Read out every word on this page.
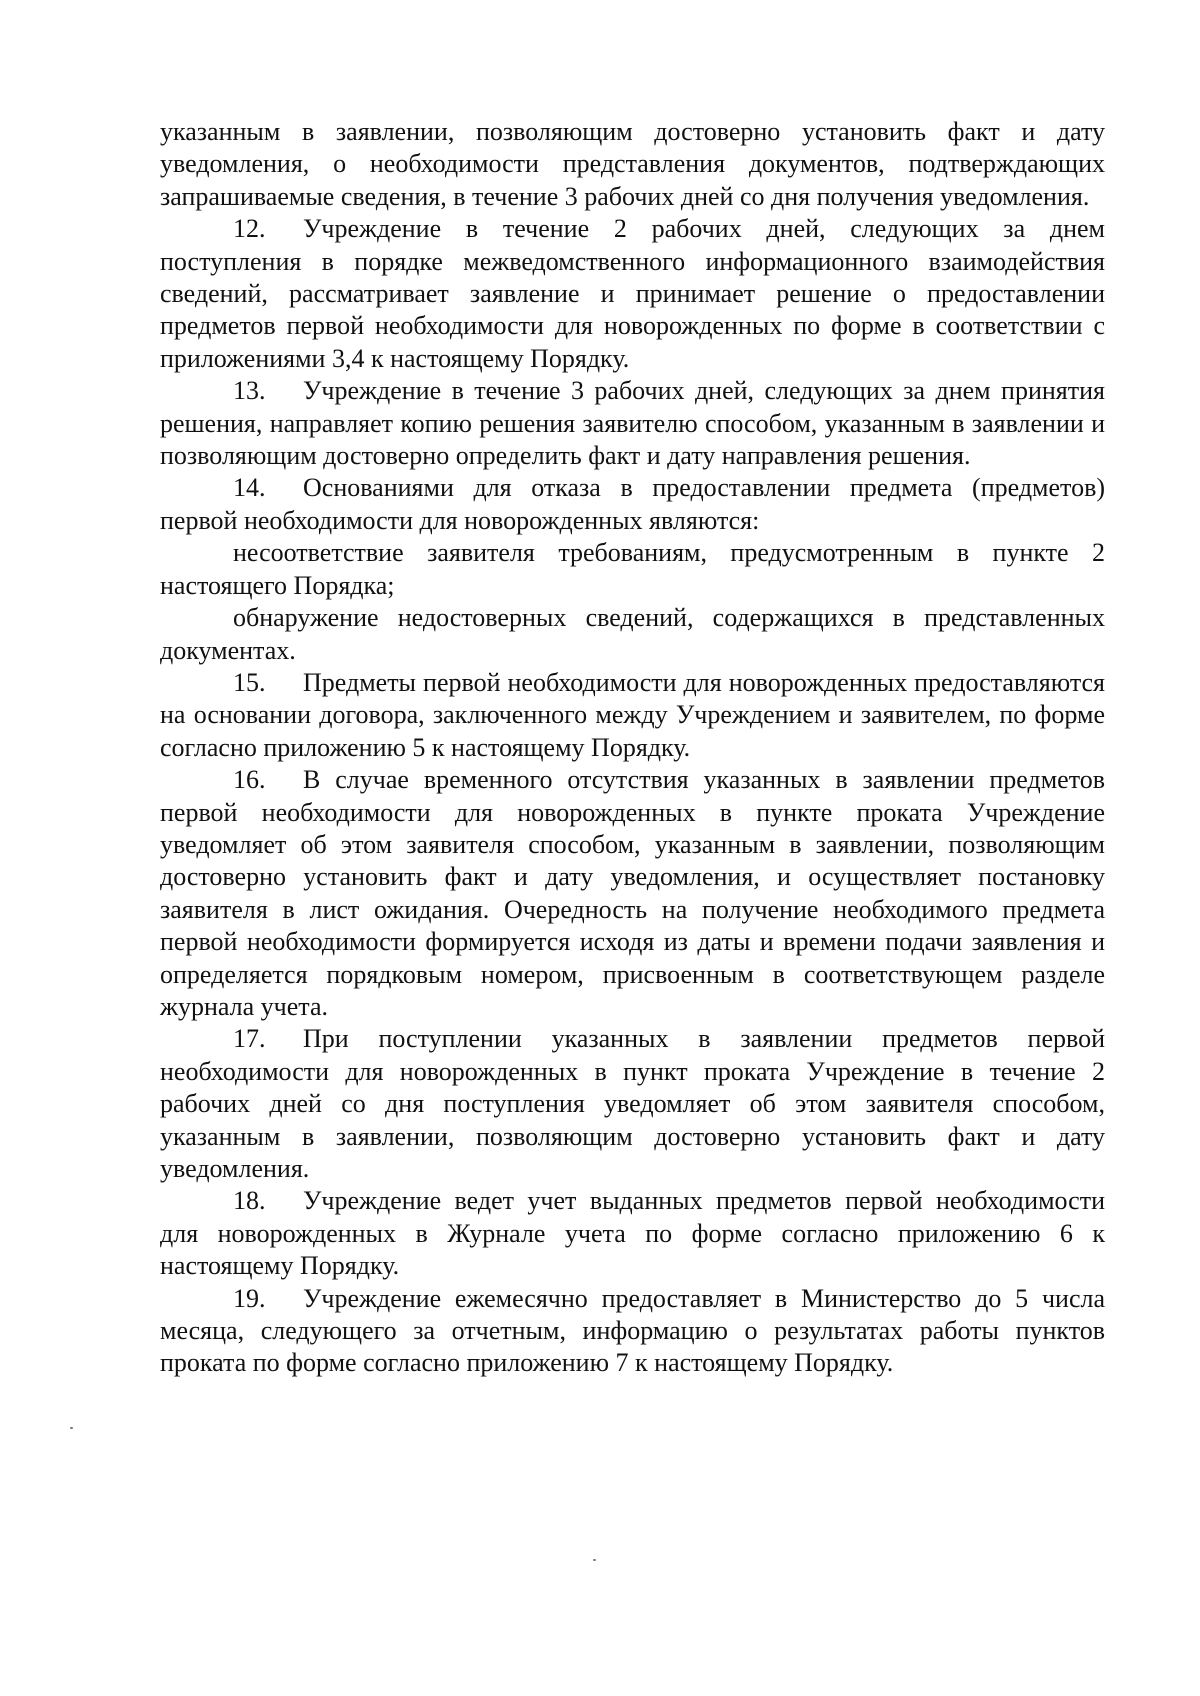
указанным в заявлении, позволяющим достоверно установить факт и дату уведомления, о необходимости представления документов, подтверждающих запрашиваемые сведения, в течение 3 рабочих дней со дня получения уведомления.

12. Учреждение в течение 2 рабочих дней, следующих за днем поступления в порядке межведомственного информационного взаимодействия сведений, рассматривает заявление и принимает решение о предоставлении предметов первой необходимости для новорожденных по форме в соответствии с приложениями 3,4 к настоящему Порядку.

13. Учреждение в течение 3 рабочих дней, следующих за днем принятия решения, направляет копию решения заявителю способом, указанным в заявлении и позволяющим достоверно определить факт и дату направления решения.

14. Основаниями для отказа в предоставлении предмета (предметов) первой необходимости для новорожденных являются:

несоответствие заявителя требованиям, предусмотренным в пункте 2 настоящего Порядка;

обнаружение недостоверных сведений, содержащихся в представленных документах.

15. Предметы первой необходимости для новорожденных предоставляются на основании договора, заключенного между Учреждением и заявителем, по форме согласно приложению 5 к настоящему Порядку.

16. В случае временного отсутствия указанных в заявлении предметов первой необходимости для новорожденных в пункте проката Учреждение уведомляет об этом заявителя способом, указанным в заявлении, позволяющим достоверно установить факт и дату уведомления, и осуществляет постановку заявителя в лист ожидания. Очередность на получение необходимого предмета первой необходимости формируется исходя из даты и времени подачи заявления и определяется порядковым номером, присвоенным в соответствующем разделе журнала учета.

17. При поступлении указанных в заявлении предметов первой необходимости для новорожденных в пункт проката Учреждение в течение 2 рабочих дней со дня поступления уведомляет об этом заявителя способом, указанным в заявлении, позволяющим достоверно установить факт и дату уведомления.

18. Учреждение ведет учет выданных предметов первой необходимости для новорожденных в Журнале учета по форме согласно приложению 6 к настоящему Порядку.

19. Учреждение ежемесячно предоставляет в Министерство до 5 числа месяца, следующего за отчетным, информацию о результатах работы пунктов проката по форме согласно приложению 7 к настоящему Порядку.
